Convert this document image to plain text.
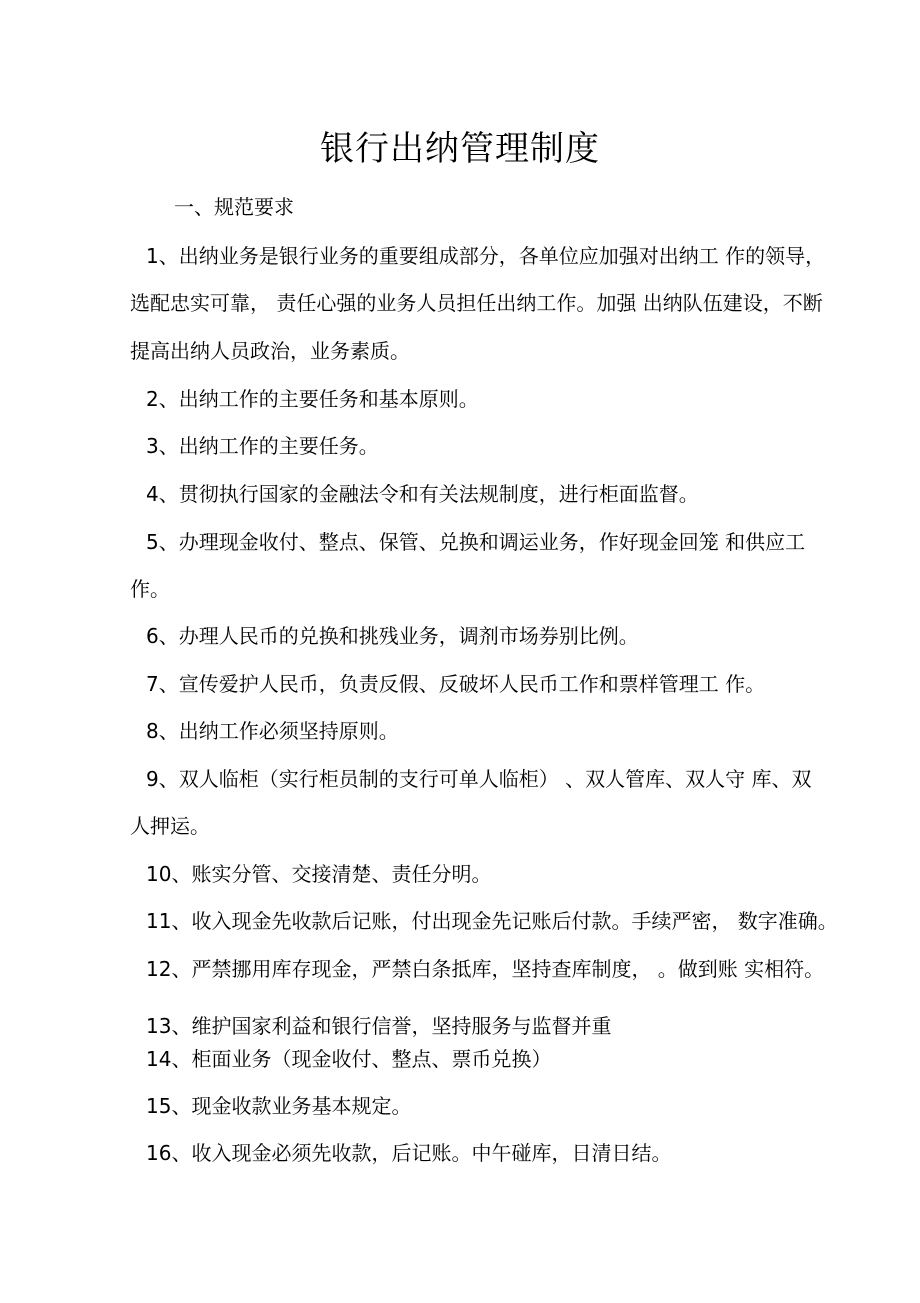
银行出纳管理制度
一、规范要求
1、出纳业务是银行业务的重要组成部分，各单位应加强对出纳工 作的领导，
选配忠实可靠， 责任心强的业务人员担任出纳工作。加强 出纳队伍建设，不断
提高出纳人员政治，业务素质。
2、出纳工作的主要任务和基本原则。
3、出纳工作的主要任务。
4、贯彻执行国家的金融法令和有关法规制度，进行柜面监督。
5、办理现金收付、整点、保管、兑换和调运业务，作好现金回笼 和供应工
作。
6、办理人民币的兑换和挑残业务，调剂市场券别比例。
7、宣传爱护人民币，负责反假、反破坏人民币工作和票样管理工 作。
8、出纳工作必须坚持原则。
9、双人临柜（实行柜员制的支行可单人临柜） 、双人管库、双人守 库、双
人押运。
10、账实分管、交接清楚、责任分明。
11、收入现金先收款后记账，付出现金先记账后付款。手续严密， 数字准确。
12、严禁挪用库存现金，严禁白条抵库，坚持查库制度， 。做到账 实相符。
13、维护国家利益和银行信誉，坚持服务与监督并重
14、柜面业务（现金收付、整点、票币兑换）
15、现金收款业务基本规定。
16、收入现金必须先收款，后记账。中午碰库，日清日结。
